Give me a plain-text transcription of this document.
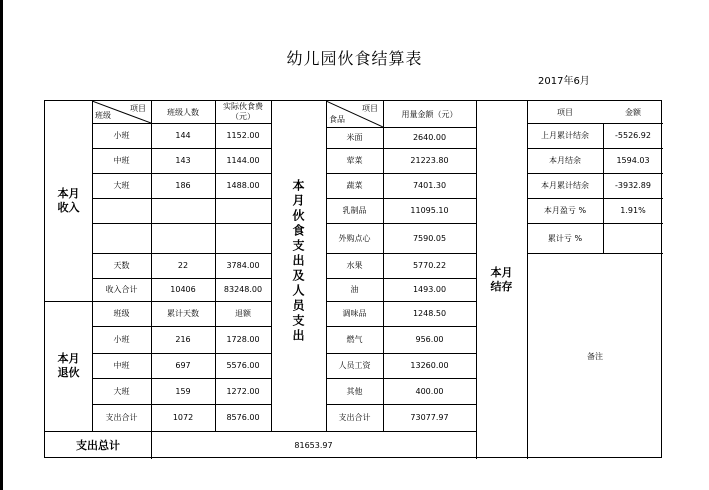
幼儿园伙食结算表
2017年6月
本月
收入
本月
退伙
本月伙食支出及人员支出	本月
结存
项目
班级	班级人数
实际伙食费
（元）
小班	144	1152.00
中班	143	1144.00
大班	186	1488.00
天数	22	3784.00
收入合计	10406	83248.00
班级	累计天数	退额
小班	216	1728.00
中班	697	5576.00
大班	159	1272.00
支出合计	1072	8576.00
项目
食品
用量金额（元）
米面	2640.00
荤菜	21223.80
蔬菜	7401.30
乳制品	11095.10
外购点心	7590.05
水果	5770.22
油	1493.00
调味品	1248.50
燃气	956.00
人员工资	13260.00
其他	400.00
支出合计	73077.97
项目	金额
上月累计结余	-5526.92
本月结余	1594.03
本月累计结余	-3932.89
本月盈亏 %	1.91%
累计亏 %
备注
支出总计	81653.97
